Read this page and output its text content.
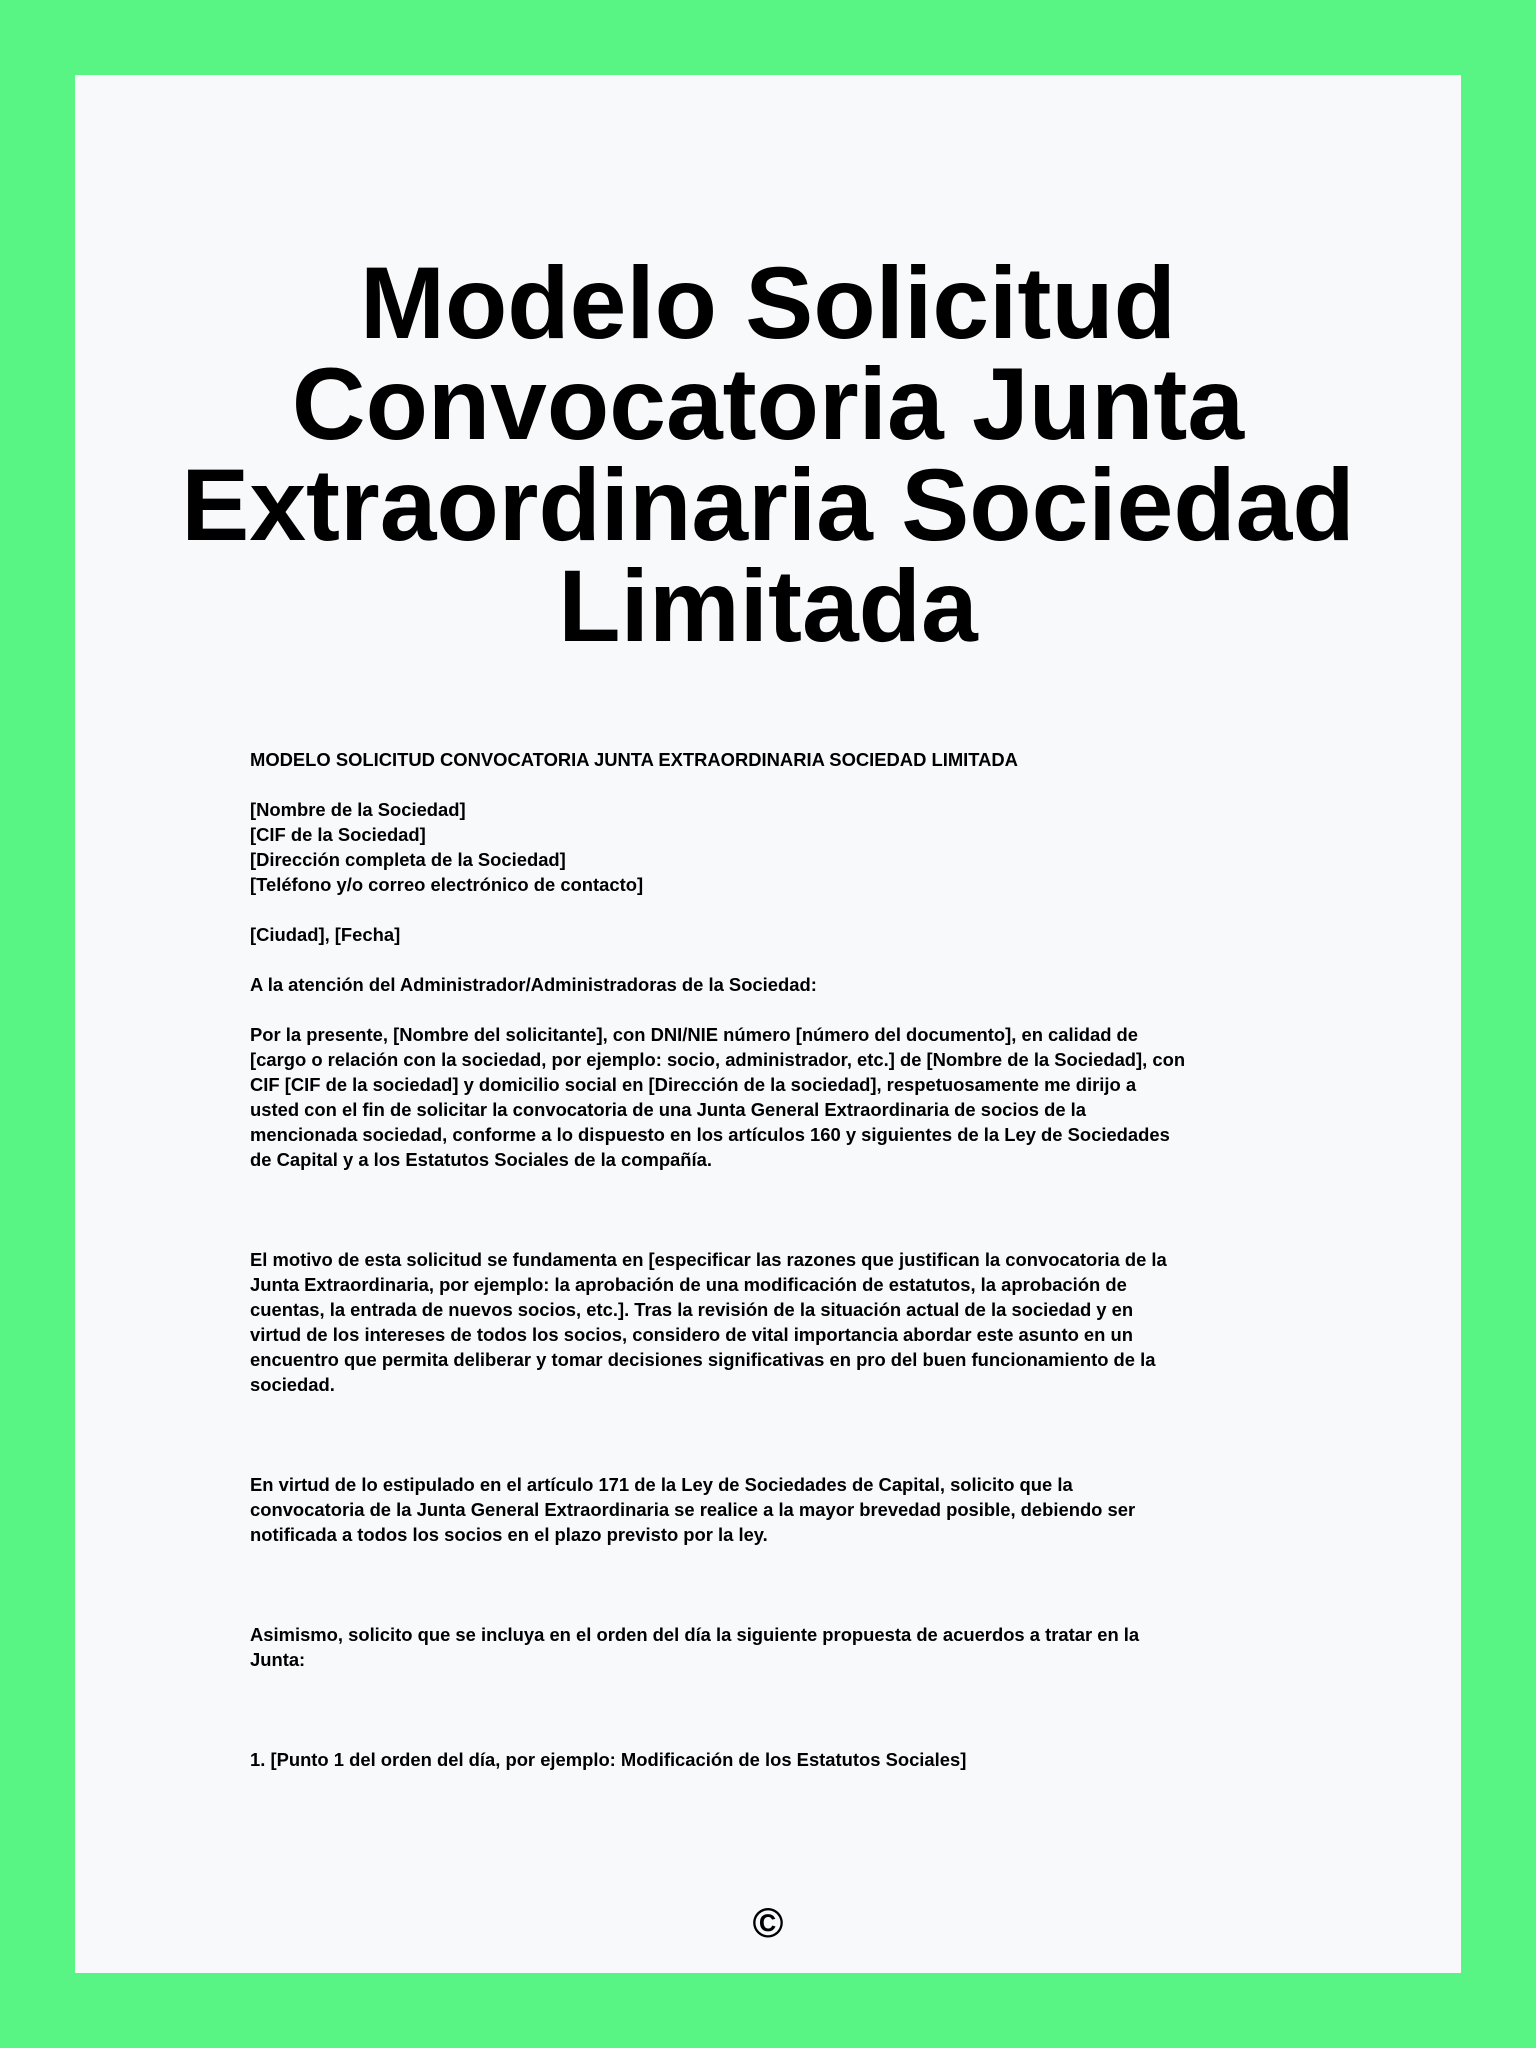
Modelo Solicitud Convocatoria Junta Extraordinaria Sociedad Limitada

MODELO SOLICITUD CONVOCATORIA JUNTA EXTRAORDINARIA SOCIEDAD LIMITADA

[Nombre de la Sociedad]
[CIF de la Sociedad]
[Dirección completa de la Sociedad]
[Teléfono y/o correo electrónico de contacto]

[Ciudad], [Fecha]

A la atención del Administrador/Administradoras de la Sociedad:

Por la presente, [Nombre del solicitante], con DNI/NIE número [número del documento], en calidad de
[cargo o relación con la sociedad, por ejemplo: socio, administrador, etc.] de [Nombre de la Sociedad], con
CIF [CIF de la sociedad] y domicilio social en [Dirección de la sociedad], respetuosamente me dirijo a
usted con el fin de solicitar la convocatoria de una Junta General Extraordinaria de socios de la
mencionada sociedad, conforme a lo dispuesto en los artículos 160 y siguientes de la Ley de Sociedades
de Capital y a los Estatutos Sociales de la compañía.

El motivo de esta solicitud se fundamenta en [especificar las razones que justifican la convocatoria de la
Junta Extraordinaria, por ejemplo: la aprobación de una modificación de estatutos, la aprobación de
cuentas, la entrada de nuevos socios, etc.]. Tras la revisión de la situación actual de la sociedad y en
virtud de los intereses de todos los socios, considero de vital importancia abordar este asunto en un
encuentro que permita deliberar y tomar decisiones significativas en pro del buen funcionamiento de la
sociedad.

En virtud de lo estipulado en el artículo 171 de la Ley de Sociedades de Capital, solicito que la
convocatoria de la Junta General Extraordinaria se realice a la mayor brevedad posible, debiendo ser
notificada a todos los socios en el plazo previsto por la ley.

Asimismo, solicito que se incluya en el orden del día la siguiente propuesta de acuerdos a tratar en la
Junta:

1. [Punto 1 del orden del día, por ejemplo: Modificación de los Estatutos Sociales]

©
